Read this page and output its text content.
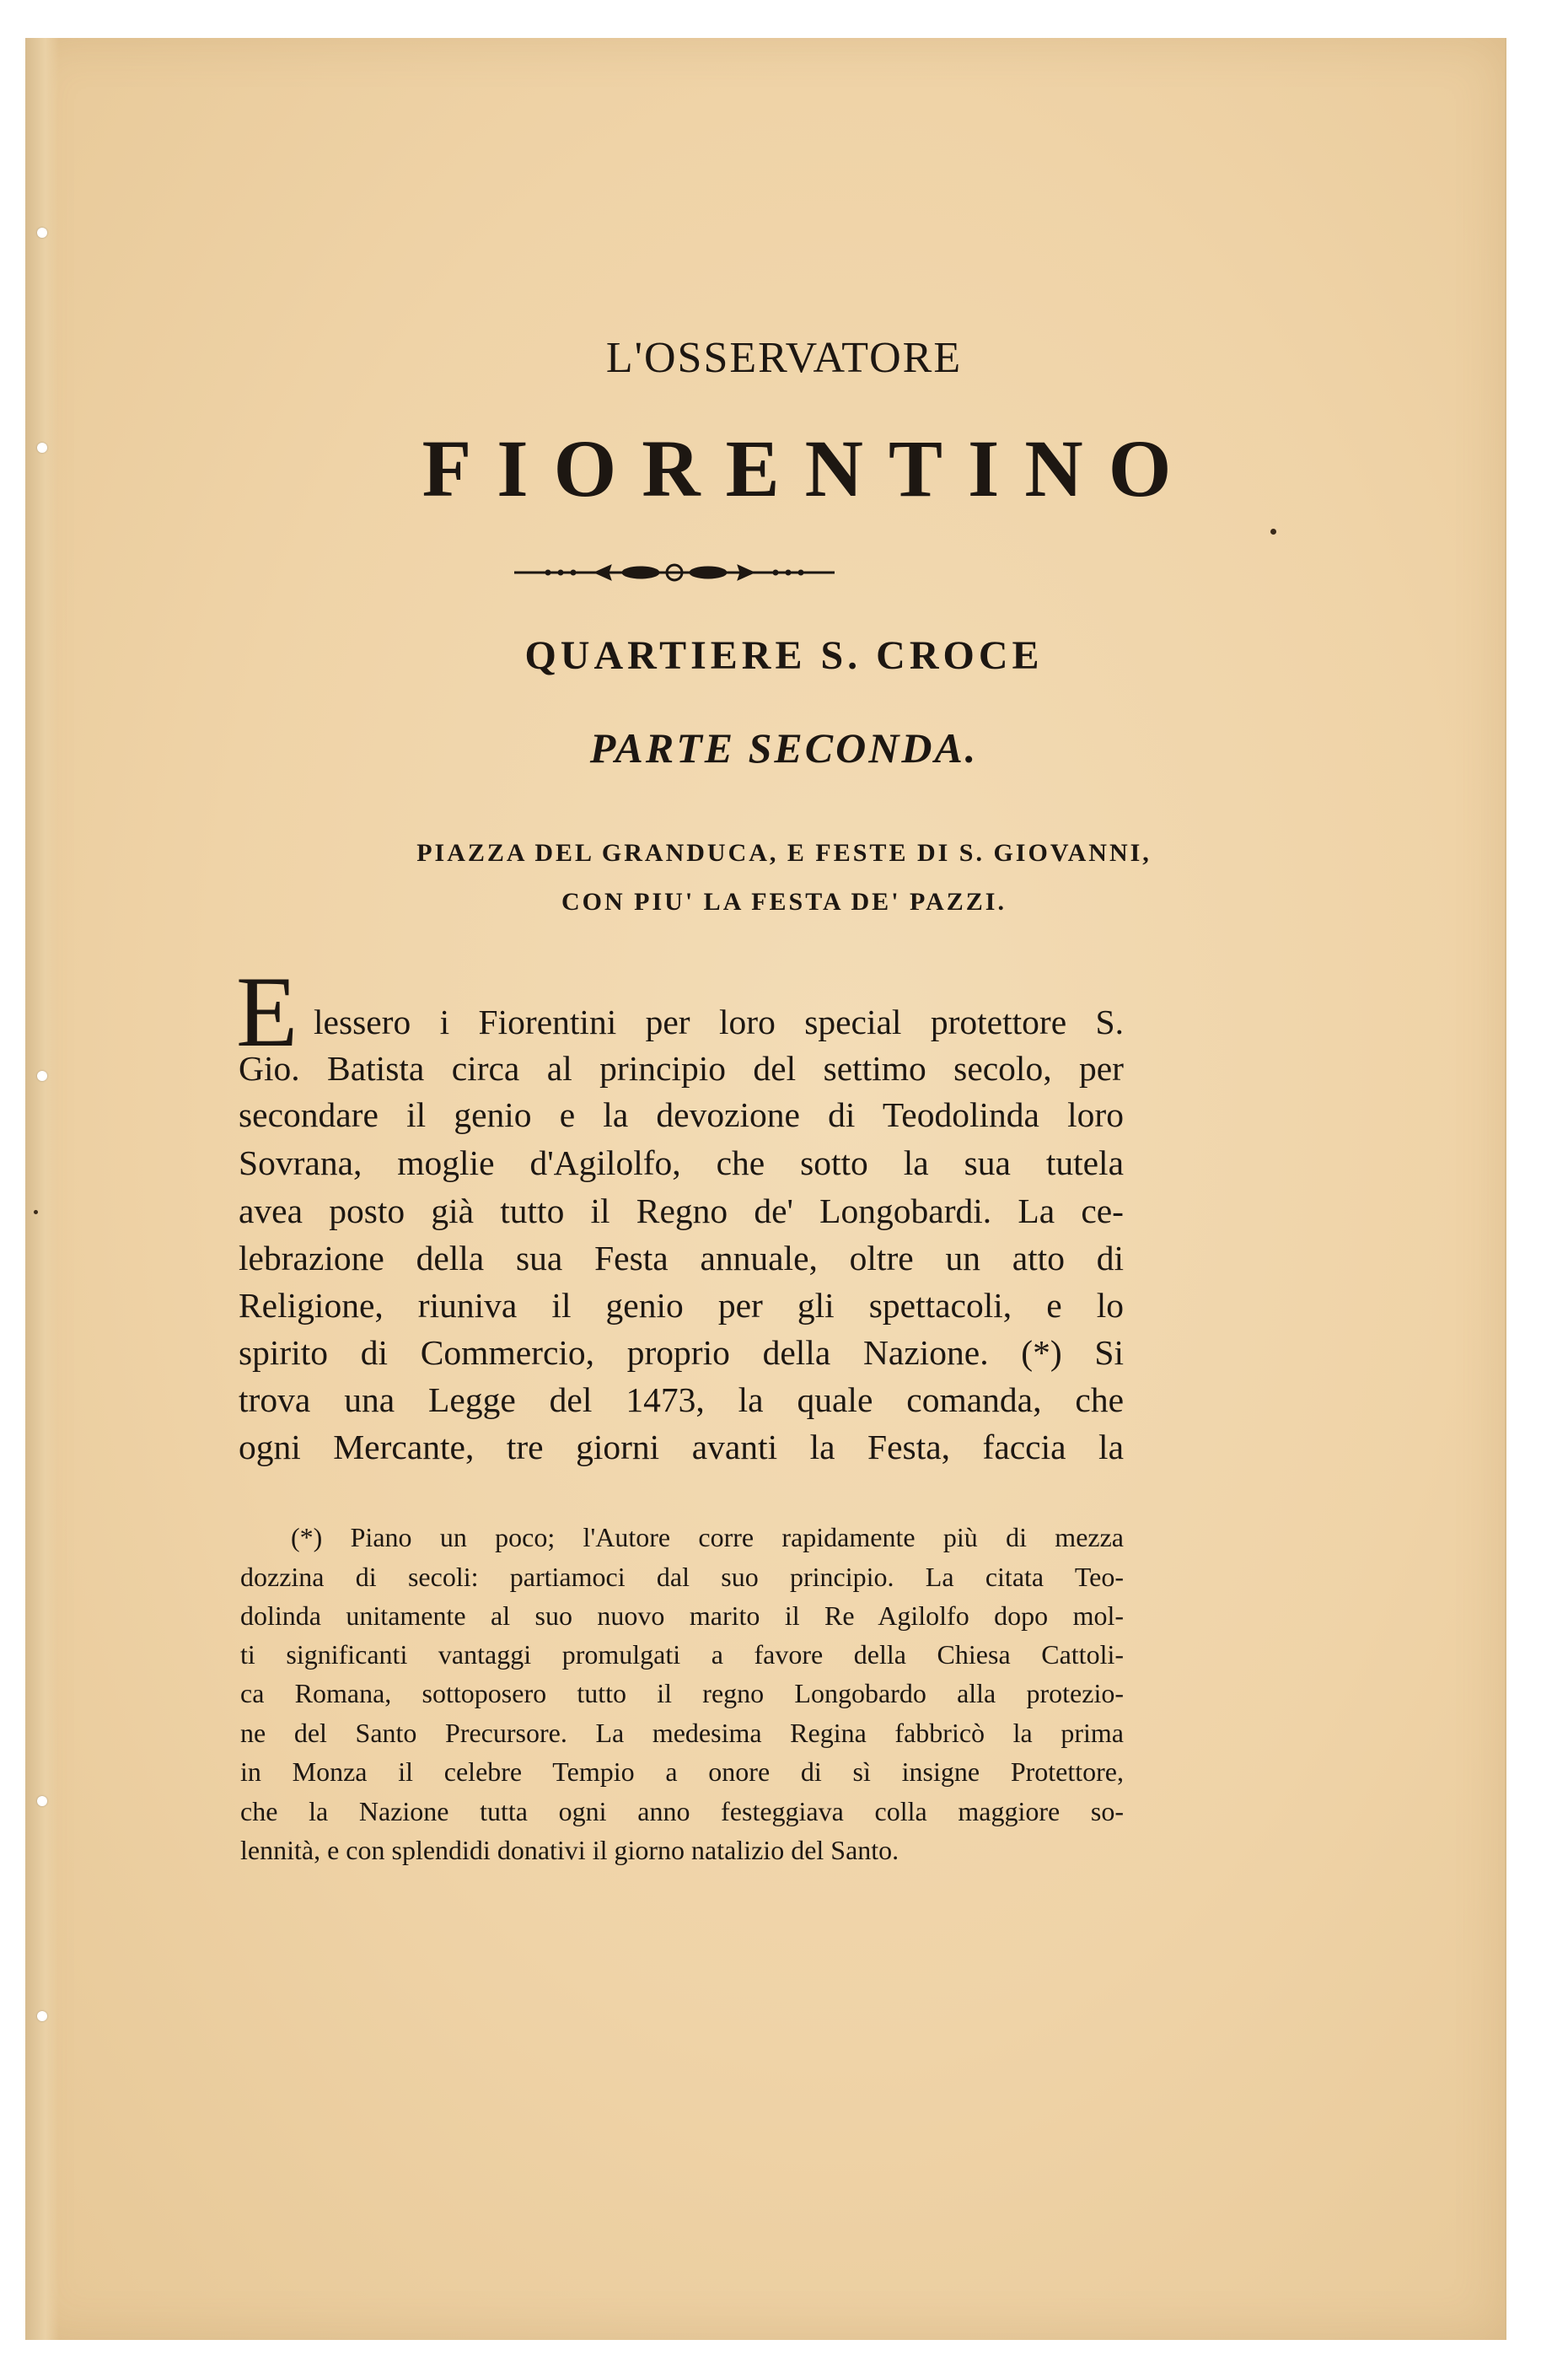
L'OSSERVATORE
FIORENTINO
QUARTIERE S. CROCE
PARTE SECONDA.

PIAZZA DEL GRANDUCA, E FESTE DI S. GIOVANNI,

CON PIU' LA FESTA DE' PAZZI.

E lessero i Fiorentini per loro special protettore S.

Gio. Batista circa al principio del settimo secolo, per

secondare il genio e la devozione di Teodolinda loro

Sovrana, moglie d'Agilolfo, che sotto la sua tutela

avea posto già tutto il Regno de' Longobardi. La ce-

lebrazione della sua Festa annuale, oltre un atto di

Religione, riuniva il genio per gli spettacoli, e lo

spirito di Commercio, proprio della Nazione. (*) Si

trova una Legge del 1473, la quale comanda, che

ogni Mercante, tre giorni avanti la Festa, faccia la

(*) Piano un poco; l'Autore corre rapidamente più di mezza

dozzina di secoli: partiamoci dal suo principio. La citata Teo-

dolinda unitamente al suo nuovo marito il Re Agilolfo dopo mol-

ti significanti vantaggi promulgati a favore della Chiesa Cattoli-

ca Romana, sottoposero tutto il regno Longobardo alla protezio-

ne del Santo Precursore. La medesima Regina fabbricò la prima

in Monza il celebre Tempio a onore di sì insigne Protettore,

che la Nazione tutta ogni anno festeggiava colla maggiore so-

lennità, e con splendidi donativi il giorno natalizio del Santo.
